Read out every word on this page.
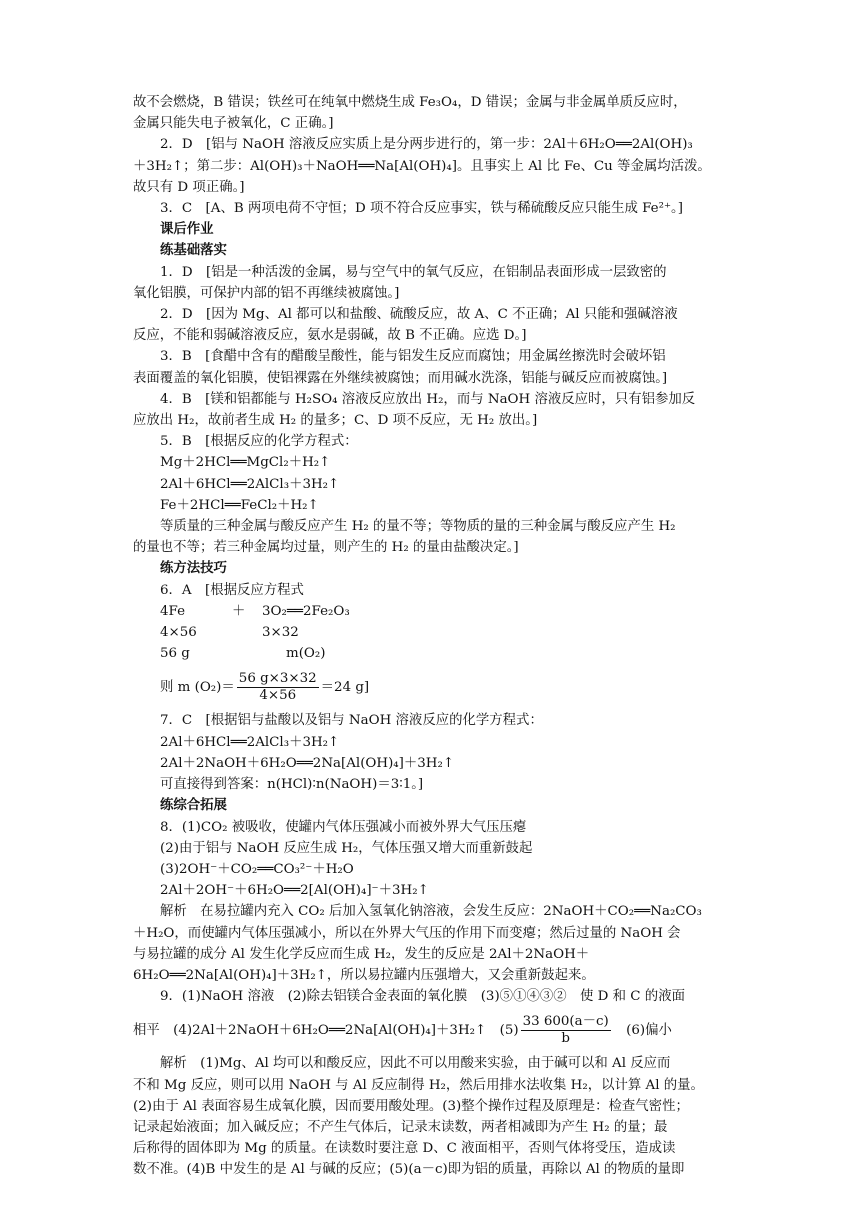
故不会燃烧，B 错误；铁丝可在纯氧中燃烧生成 Fe₃O₄，D 错误；金属与非金属单质反应时，
金属只能失电子被氧化，C 正确。]
2．D　[铝与 NaOH 溶液反应实质上是分两步进行的，第一步：2Al＋6H₂O══2Al(OH)₃
＋3H₂↑；第二步：Al(OH)₃＋NaOH══Na[Al(OH)₄]。且事实上 Al 比 Fe、Cu 等金属均活泼。
故只有 D 项正确。]
3．C　[A、B 两项电荷不守恒；D 项不符合反应事实，铁与稀硫酸反应只能生成 Fe²⁺。]
课后作业
练基础落实
1．D　[铝是一种活泼的金属，易与空气中的氧气反应，在铝制品表面形成一层致密的
氧化铝膜，可保护内部的铝不再继续被腐蚀。]
2．D　[因为 Mg、Al 都可以和盐酸、硫酸反应，故 A、C 不正确；Al 只能和强碱溶液
反应，不能和弱碱溶液反应，氨水是弱碱，故 B 不正确。应选 D。]
3．B　[食醋中含有的醋酸呈酸性，能与铝发生反应而腐蚀；用金属丝擦洗时会破坏铝
表面覆盖的氧化铝膜，使铝裸露在外继续被腐蚀；而用碱水洗涤，铝能与碱反应而被腐蚀。]
4．B　[镁和铝都能与 H₂SO₄ 溶液反应放出 H₂，而与 NaOH 溶液反应时，只有铝参加反
应放出 H₂，故前者生成 H₂ 的量多；C、D 项不反应，无 H₂ 放出。]
5．B　[根据反应的化学方程式：
Mg＋2HCl══MgCl₂＋H₂↑
2Al＋6HCl══2AlCl₃＋3H₂↑
Fe＋2HCl══FeCl₂＋H₂↑
等质量的三种金属与酸反应产生 H₂ 的量不等；等物质的量的三种金属与酸反应产生 H₂
的量也不等；若三种金属均过量，则产生的 H₂ 的量由盐酸决定。]
练方法技巧
6．A　[根据反应方程式
4Fe	＋ 3O₂══2Fe₂O₃
4×56	3×32
56 g	m(O₂)
则 m $(O_2)= \frac{56 g\times 3\times 32}{4\times 56} =24$ g]
7．C　[根据铝与盐酸以及铝与 NaOH 溶液反应的化学方程式：
2Al＋6HCl══2AlCl₃＋3H₂↑
2Al＋2NaOH＋6H₂O══2Na[Al(OH)₄]＋3H₂↑
可直接得到答案：n(HCl)∶n(NaOH)＝3∶1。]
练综合拓展
8．(1)CO₂ 被吸收，使罐内气体压强减小而被外界大气压压瘪
(2)由于铝与 NaOH 反应生成 H₂，气体压强又增大而重新鼓起
(3)2OH⁻＋CO₂══CO₃²⁻＋H₂O
2Al＋2OH⁻＋6H₂O══2[Al(OH)₄]⁻＋3H₂↑
解析　在易拉罐内充入 CO₂ 后加入氢氧化钠溶液，会发生反应：2NaOH＋CO₂══Na₂CO₃
＋H₂O，而使罐内气体压强减小，所以在外界大气压的作用下而变瘪；然后过量的 NaOH 会
与易拉罐的成分 Al 发生化学反应而生成 H₂，发生的反应是 2Al＋2NaOH＋
6H₂O══2Na[Al(OH)₄]＋3H₂↑，所以易拉罐内压强增大，又会重新鼓起来。
9．(1)NaOH 溶液　(2)除去铝镁合金表面的氧化膜　(3)⑤①④③②　使 D 和 C 的液面
相平　(4)2Al＋2NaOH＋6H₂O══2Na[Al(OH)₄]＋3H₂↑　$(5) \frac{33 600(a-c)}{b}$ 　(6)偏小
解析　(1)Mg、Al 均可以和酸反应，因此不可以用酸来实验，由于碱可以和 Al 反应而
不和 Mg 反应，则可以用 NaOH 与 Al 反应制得 H₂，然后用排水法收集 H₂，以计算 Al 的量。
(2)由于 Al 表面容易生成氧化膜，因而要用酸处理。(3)整个操作过程及原理是：检查气密性；
记录起始液面；加入碱反应；不产生气体后，记录末读数，两者相减即为产生 H₂ 的量；最
后称得的固体即为 Mg 的质量。在读数时要注意 D、C 液面相平，否则气体将受压，造成读
数不准。(4)B 中发生的是 Al 与碱的反应；(5)(a－c)即为铝的质量，再除以 Al 的物质的量即
